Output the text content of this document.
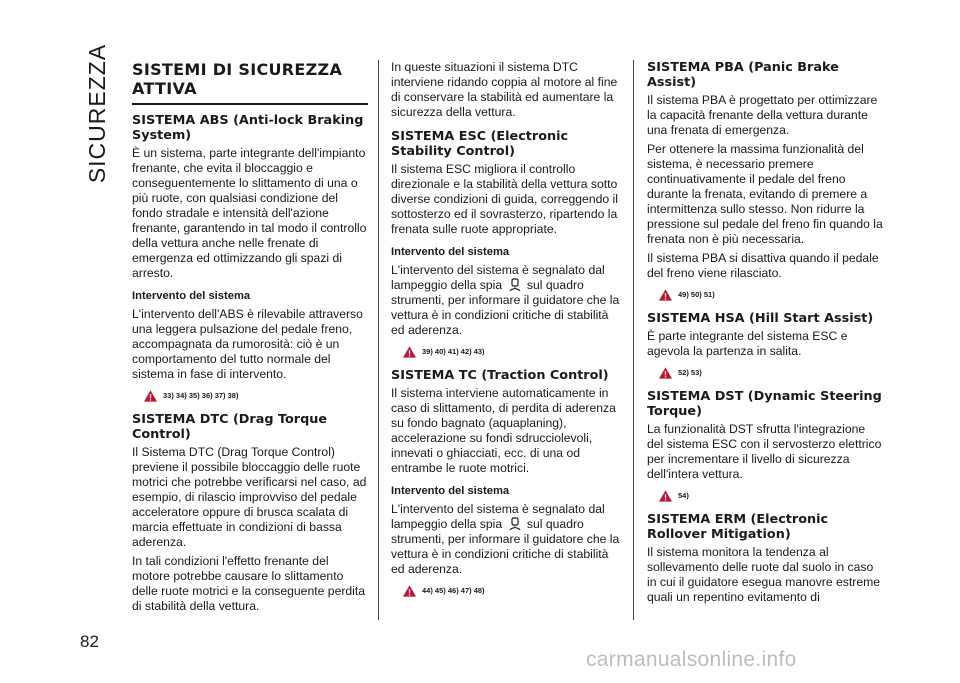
SICUREZZA
82
SISTEMI DI SICUREZZA ATTIVA
SISTEMA ABS (Anti-lock Braking System)

È un sistema, parte integrante dell'impianto frenante, che evita il bloccaggio e conseguentemente lo slittamento di una o più ruote, con qualsiasi condizione del fondo stradale e intensità dell'azione frenante, garantendo in tal modo il controllo della vettura anche nelle frenate di emergenza ed ottimizzando gli spazi di arresto.

Intervento del sistema

L'intervento dell'ABS è rilevabile attraverso una leggera pulsazione del pedale freno, accompagnata da rumorosità: ciò è un comportamento del tutto normale del sistema in fase di intervento.

33) 34) 35) 36) 37) 38)
SISTEMA DTC (Drag Torque Control)

Il Sistema DTC (Drag Torque Control) previene il possibile bloccaggio delle ruote motrici che potrebbe verificarsi nel caso, ad esempio, di rilascio improvviso del pedale acceleratore oppure di brusca scalata di marcia effettuate in condizioni di bassa aderenza.

In tali condizioni l'effetto frenante del motore potrebbe causare lo slittamento delle ruote motrici e la conseguente perdita di stabilità della vettura.

In queste situazioni il sistema DTC interviene ridando coppia al motore al fine di conservare la stabilità ed aumentare la sicurezza della vettura.

SISTEMA ESC (Electronic Stability Control)

Il sistema ESC migliora il controllo direzionale e la stabilità della vettura sotto diverse condizioni di guida, correggendo il sottosterzo ed il sovrasterzo, ripartendo la frenata sulle ruote appropriate.

Intervento del sistema

L'intervento del sistema è segnalato dal lampeggio della spia sul quadro strumenti, per informare il guidatore che la vettura è in condizioni critiche di stabilità ed aderenza.

39) 40) 41) 42) 43)
SISTEMA TC (Traction Control)

Il sistema interviene automaticamente in caso di slittamento, di perdita di aderenza su fondo bagnato (aquaplaning), accelerazione su fondi sdrucciolevoli, innevati o ghiacciati, ecc. di una od entrambe le ruote motrici.

Intervento del sistema

L'intervento del sistema è segnalato dal lampeggio della spia sul quadro strumenti, per informare il guidatore che la vettura è in condizioni critiche di stabilità ed aderenza.

44) 45) 46) 47) 48)
SISTEMA PBA (Panic Brake Assist)

Il sistema PBA è progettato per ottimizzare la capacità frenante della vettura durante una frenata di emergenza.

Per ottenere la massima funzionalità del sistema, è necessario premere continuativamente il pedale del freno durante la frenata, evitando di premere a intermittenza sullo stesso. Non ridurre la pressione sul pedale del freno fin quando la frenata non è più necessaria.

Il sistema PBA si disattiva quando il pedale del freno viene rilasciato.

49) 50) 51)
SISTEMA HSA (Hill Start Assist)

È parte integrante del sistema ESC e agevola la partenza in salita.

52) 53)
SISTEMA DST (Dynamic Steering Torque)

La funzionalità DST sfrutta l'integrazione del sistema ESC con il servosterzo elettrico per incrementare il livello di sicurezza dell'intera vettura.

54)
SISTEMA ERM (Electronic Rollover Mitigation)

Il sistema monitora la tendenza al sollevamento delle ruote dal suolo in caso in cui il guidatore esegua manovre estreme quali un repentino evitamento di

carmanualsonline.info
